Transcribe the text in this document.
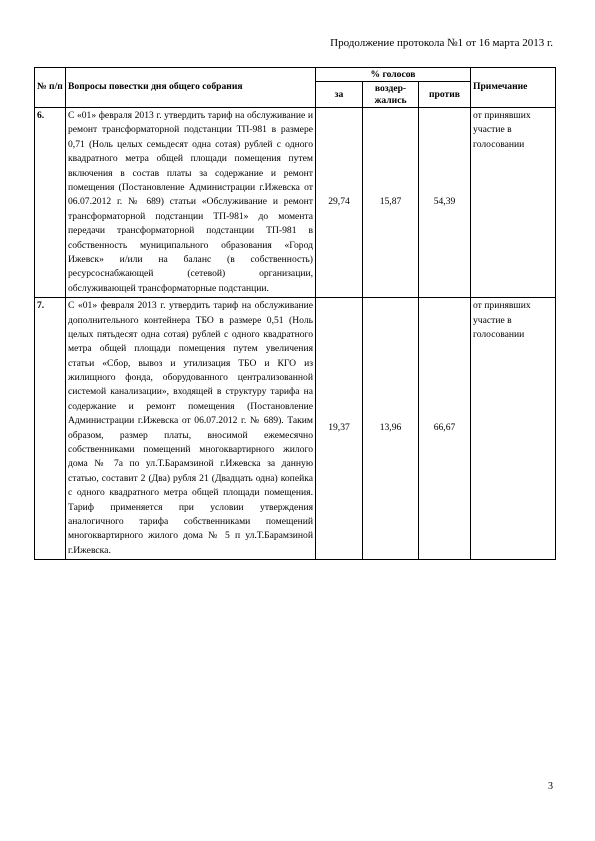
Продолжение протокола №1 от 16 марта 2013 г.
№ п/п	Вопросы повестки дня общего собрания	% голосов			Примечание
		за	воздер-жались	против	
6.	С «01» февраля 2013 г. утвердить тариф на обслуживание и ремонт трансформаторной подстанции ТП-981 в размере 0,71 (Ноль целых семьдесят одна сотая) рублей с одного квадратного метра общей площади помещения путем включения в состав платы за содержание и ремонт помещения (Постановление Администрации г.Ижевска от 06.07.2012 г. № 689) статьи «Обслуживание и ремонт трансформаторной подстанции ТП-981» до момента передачи трансформаторной подстанции ТП-981 в собственность муниципального образования «Город Ижевск» и/или на баланс (в собственность) ресурсоснабжающей (сетевой) организации, обслуживающей трансформаторные подстанции.	29,74	15,87	54,39	от принявших участие в голосовании
7.	С «01» февраля 2013 г. утвердить тариф на обслуживание дополнительного контейнера ТБО в размере 0,51 (Ноль целых пятьдесят одна сотая) рублей с одного квадратного метра общей площади помещения путем увеличения статьи «Сбор, вывоз и утилизация ТБО и КГО из жилищного фонда, оборудованного централизованной системой канализации», входящей в структуру тарифа на содержание и ремонт помещения (Постановление Администрации г.Ижевска от 06.07.2012 г. № 689). Таким образом, размер платы, вносимой ежемесячно собственниками помещений многоквартирного жилого дома № 7а по ул.Т.Барамзиной г.Ижевска за данную статью, составит 2 (Два) рубля 21 (Двадцать одна) копейка с одного квадратного метра общей площади помещения. Тариф применяется при условии утверждения аналогичного тарифа собственниками помещений многоквартирного жилого дома № 5 п ул.Т.Барамзиной г.Ижевска.	19,37	13,96	66,67	от принявших участие в голосовании
3
